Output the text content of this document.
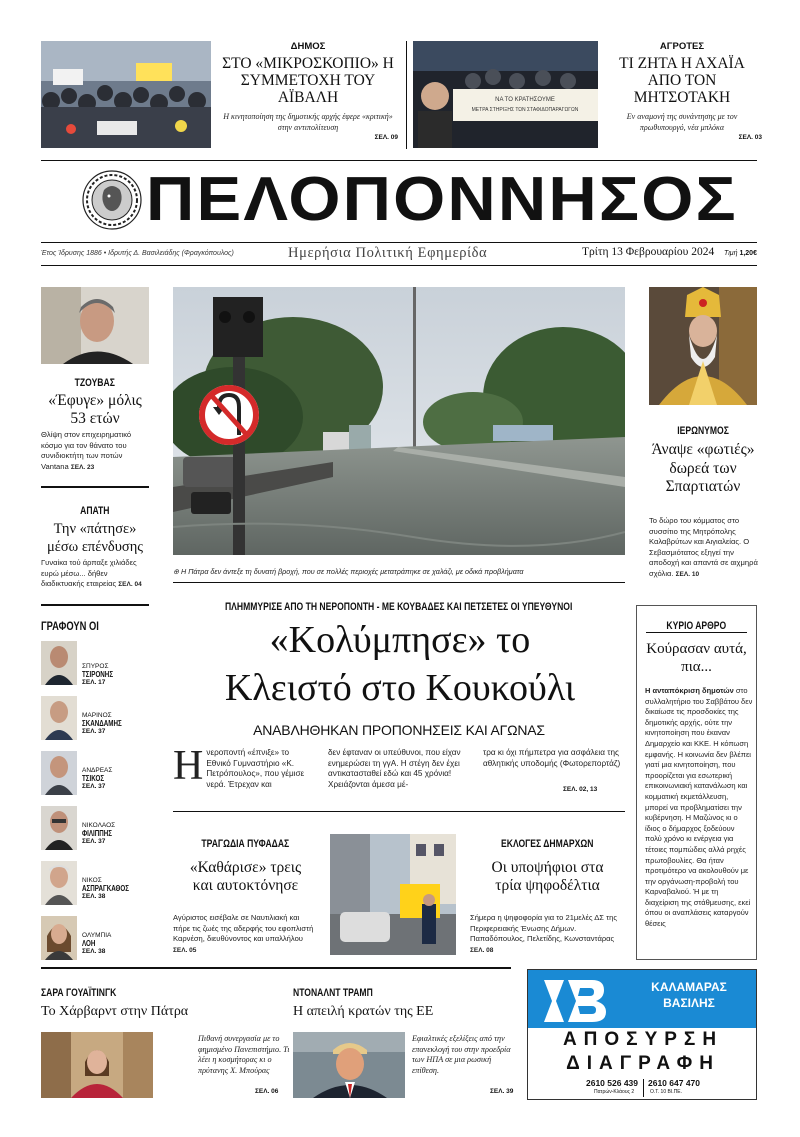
ΔΗΜΟΣ
ΣΤΟ «ΜΙΚΡΟΣΚΟΠΙΟ» Η ΣΥΜΜΕΤΟΧΗ ΤΟΥ ΑΪΒΑΛΗ
Η κινητοποίηση της δημοτικής αρχής έφερε «κριτική» στην αντιπολίτευση
ΣΕΛ. 09
ΝΑ ΤΟ ΚΡΑΤΗΣΟΥΜΕ
ΜΕΤΡΑ ΣΤΗΡΙΞΗΣ ΤΩΝ ΣΤΑΦΙΔΟΠΑΡΑΓΩΓΩΝ
ΑΓΡΟΤΕΣ
ΤΙ ΖΗΤΑ Η ΑΧΑΪΑ ΑΠΟ ΤΟΝ ΜΗΤΣΟΤΑΚΗ
Εν αναμονή της συνάντησης με τον πρωθυπουργό, νέα μπλόκα
ΣΕΛ. 03
ΠΕΛΟΠΟΝΝΗΣΟΣ
Έτος Ίδρυσης 1886 • Ιδρυτής Δ. Βασιλειάδης (Φραγκόπουλος)	Ημερήσια Πολιτική Εφημερίδα	Τρίτη 13 Φεβρουαρίου 2024 Τιμή 1,20€
ΤΖΟΥΒΑΣ
«Έφυγε» μόλις 53 ετών
Θλίψη στον επιχειρηματικό κόσμο για τον θάνατο του συνιδιοκτήτη των ποτών Vantana ΣΕΛ. 23
ΑΠΑΤΗ
Την «πάτησε» μέσω επένδυσης
Γυναίκα τού άρπαξε χιλιάδες ευρώ μέσω... δήθεν διαδικτυακής εταιρείας ΣΕΛ. 04
ΓΡΑΦΟΥΝ ΟΙ
ΣΠΥΡΟΣ
ΤΣΙΡΟΝΗΣ
ΣΕΛ. 17
ΜΑΡΙΝΟΣ
ΣΚΑΝΔΑΜΗΣ
ΣΕΛ. 37
ΑΝΔΡΕΑΣ
ΤΣΙΚΟΣ
ΣΕΛ. 37
ΝΙΚΟΛΑΟΣ
ΦΙΛΙΠΠΗΣ
ΣΕΛ. 37
ΝΙΚΟΣ
ΑΣΠΡΑΓΚΑΘΟΣ
ΣΕΛ. 38
ΟΛΥΜΠΙΑ
ΛΟΗ
ΣΕΛ. 38
⊕ Η Πάτρα δεν άντεξε τη δυνατή βροχή, που σε πολλές περιοχές μετατράπηκε σε χαλάζι, με οδικά προβλήματα
ΠΛΗΜΜΥΡΙΣΕ ΑΠΟ ΤΗ ΝΕΡΟΠΟΝΤΗ - ΜΕ ΚΟΥΒΑΔΕΣ ΚΑΙ ΠΕΤΣΕΤΕΣ ΟΙ ΥΠΕΥΘΥΝΟΙ
«Κολύμπησε» το
Κλειστό στο Κουκούλι
ΑΝΑΒΛΗΘΗΚΑΝ ΠΡΟΠΟΝΗΣΕΙΣ ΚΑΙ ΑΓΩΝΑΣ
Η νεροποντή «έπνιξε» το Εθνικό Γυμναστήριο «Κ. Πετρόπουλος», που γέμισε νερά. Έτρεχαν και
δεν έφταναν οι υπεύθυνοι, που είχαν ενημερώσει τη γγΑ. Η στέγη δεν έχει αντικατασταθεί εδώ και 45 χρόνια! Χρειάζονται άμεσα μέ-
τρα κι όχι πήμπετρα για ασφάλεια της αθλητικής υποδομής (Φωτορεπορτάζ)
ΣΕΛ. 02, 13
ΤΡΑΓΩΔΙΑ ΠΥΦΑΔΑΣ
«Καθάρισε» τρεις και αυτοκτόνησε
Αγύριστος εισέβαλε σε Ναυτιλιακή και πήρε τις ζωές της αδερφής του εφοπλιστή Καρνέση, διευθύνοντος και υπαλλήλου ΣΕΛ. 05
ΕΚΛΟΓΕΣ ΔΗΜΑΡΧΩΝ
Οι υποψήφιοι στα τρία ψηφοδέλτια
Σήμερα η ψηφοφορία για το 21μελές ΔΣ της Περιφερειακής Ένωσης Δήμων. Παπαδόπουλος, Πελετίδης, Κωνσταντάρας ΣΕΛ. 08
ΙΕΡΩΝΥΜΟΣ
Άναψε «φωτιές» δωρεά των Σπαρτιατών
Το δώρο του κόμματος στο συσσίτιο της Μητρόπολης Καλαβρύτων και Αιγιαλείας. Ο Σεβασμιότατος εξηγεί την αποδοχή και απαντά σε αιχμηρά σχόλια. ΣΕΛ. 10
ΚΥΡΙΟ ΑΡΘΡΟ
Κούρασαν αυτά, πια...
Η ανταπόκριση δημοτών στο συλλαλητήριο του Σαββάτου δεν δικαίωσε τις προσδοκίες της δημοτικής αρχής, ούτε την κινητοποίηση που έκαναν Δημαρχείο και ΚΚΕ. Η κόπωση εμφανής. Η κοινωνία δεν βλέπει γιατί μια κινητοποίηση, που προορίζεται για εσωτερική επικοινωνιακή κατανάλωση και κομματική εκμετάλλευση, μπορεί να προβληματίσει την κυβέρνηση. Η Μαζώνος κι ο ίδιος ο δήμαρχος ξοδεύουν πολύ χρόνο κι ενέργεια για τέτοιες πομπώδεις αλλά ρηχές πρωτοβουλίες. Θα ήταν προτιμότερο να ακολουθούν με την οργάνωση-προβολή του Καρναβαλιού. Ή με τη διαχείριση της στάθμευσης, εκεί όπου οι αναπλάσεις καταργούν θέσεις
ΣΑΡΑ ΓΟΥΑΪΤΙΝΓΚ
Το Χάρβαρντ στην Πάτρα
Πιθανή συνεργασία με το φημισμένο Πανεπιστήμιο. Τι λέει η κοσμήτορας κι ο πρύτανης Χ. Μπούρας
ΣΕΛ. 06
ΝΤΟΝΑΛΝΤ ΤΡΑΜΠ
Η απειλή κρατών της ΕΕ
Εφιαλτικές εξελίξεις από την επανεκλογή του στην προεδρία των ΗΠΑ σε μια ρωσική επίθεση.
ΣΕΛ. 39
ΚΑΛΑΜΑΡΑΣ
ΒΑΣΙΛΗΣ
ΑΠΟΣΥΡΣΗ
ΔΙΑΓΡΑΦΗ
2610 526 439
Πατρών-Κλάους 2
2610 647 470
Ο.Τ. 10 ΒΙ.ΠΕ.
